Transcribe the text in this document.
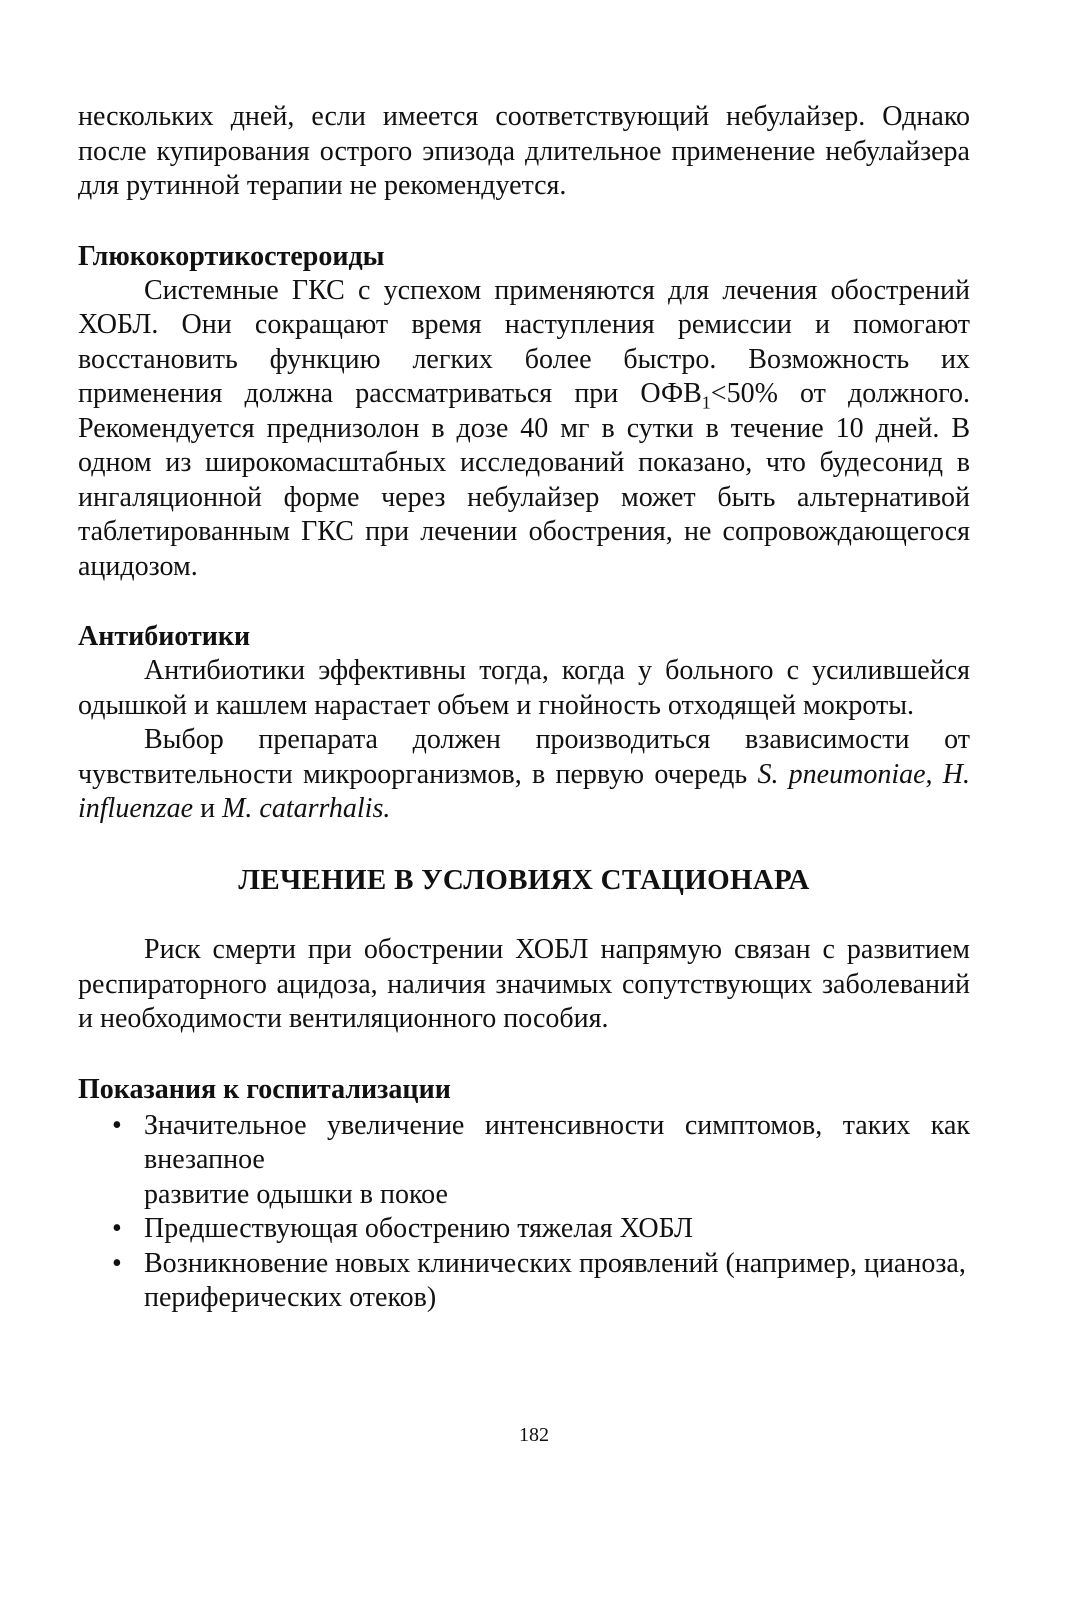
нескольких дней, если имеется соответствующий небулайзер. Однако после купирования острого эпизода длительное применение небулайзера для рутинной терапии не рекомендуется.

Глюкокортикостероиды

Системные ГКС с успехом применяются для лечения обострений ХОБЛ. Они сокращают время наступления ремиссии и помогают восстановить функцию легких более быстро. Возможность их применения должна рассматриваться при $ОФВ_1<50\%$ от должного. Рекомендуется преднизолон в дозе 40 мг в сутки в течение 10 дней. В одном из широкомасштабных исследований показано, что будесонид в ингаляционной форме через небулайзер может быть альтернативой таблетированным ГКС при лечении обострения, не сопровождающегося ацидозом.

Антибиотики

Антибиотики эффективны тогда, когда у больного с усилившейся одышкой и кашлем нарастает объем и гнойность отходящей мокроты.

Выбор препарата должен производиться взависимости от чувствительности микроорганизмов, в первую очередь S. pneumoniae, H. influenzae и M. catarrhalis.

ЛЕЧЕНИЕ В УСЛОВИЯХ СТАЦИОНАРА

Риск смерти при обострении ХОБЛ напрямую связан с развитием респираторного ацидоза, наличия значимых сопутствующих заболеваний и необходимости вентиляционного пособия.

Показания к госпитализации

• Значительное увеличение интенсивности симптомов, таких как внезапное
развитие одышки в покое
• Предшествующая обострению тяжелая ХОБЛ
• Возникновение новых клинических проявлений (например, цианоза,
периферических отеков)
182
